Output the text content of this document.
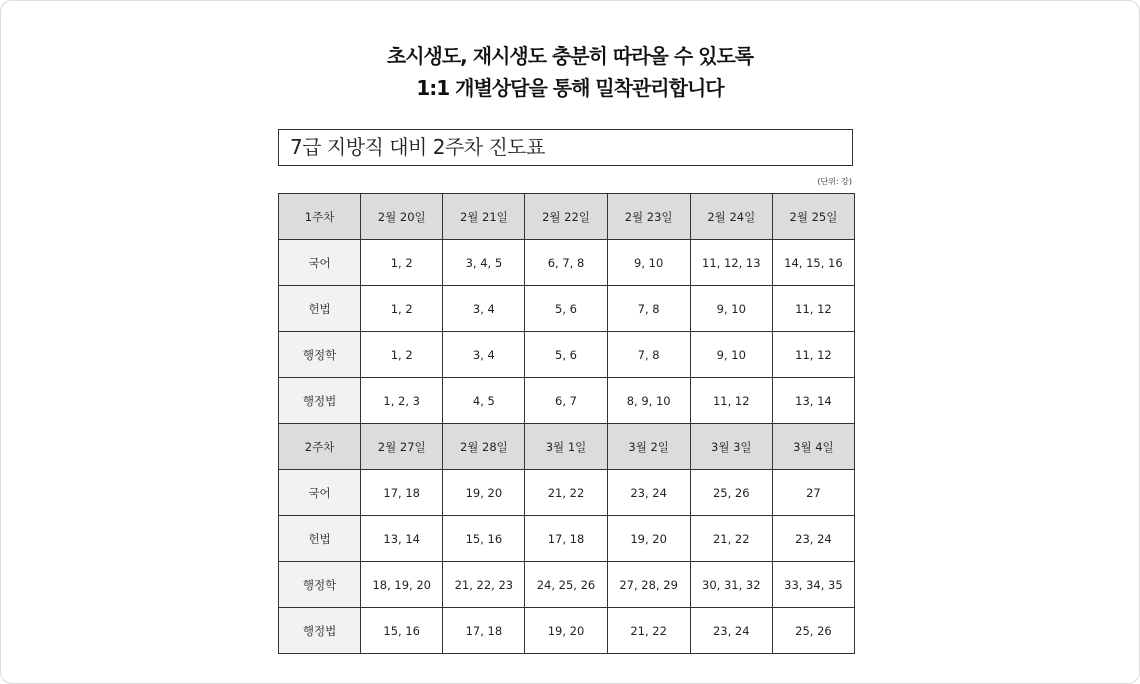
초시생도, 재시생도 충분히 따라올 수 있도록
1:1 개별상담을 통해 밀착관리합니다
7급 지방직 대비 2주차 진도표
(단위: 강)
1주차	2월 20일	2월 21일	2월 22일	2월 23일	2월 24일	2월 25일
국어	1, 2	3, 4, 5	6, 7, 8	9, 10	11, 12, 13	14, 15, 16
헌법	1, 2	3, 4	5, 6	7, 8	9, 10	11, 12
행정학	1, 2	3, 4	5, 6	7, 8	9, 10	11, 12
행정법	1, 2, 3	4, 5	6, 7	8, 9, 10	11, 12	13, 14
2주차	2월 27일	2월 28일	3월 1일	3월 2일	3월 3일	3월 4일
국어	17, 18	19, 20	21, 22	23, 24	25, 26	27
헌법	13, 14	15, 16	17, 18	19, 20	21, 22	23, 24
행정학	18, 19, 20	21, 22, 23	24, 25, 26	27, 28, 29	30, 31, 32	33, 34, 35
행정법	15, 16	17, 18	19, 20	21, 22	23, 24	25, 26
